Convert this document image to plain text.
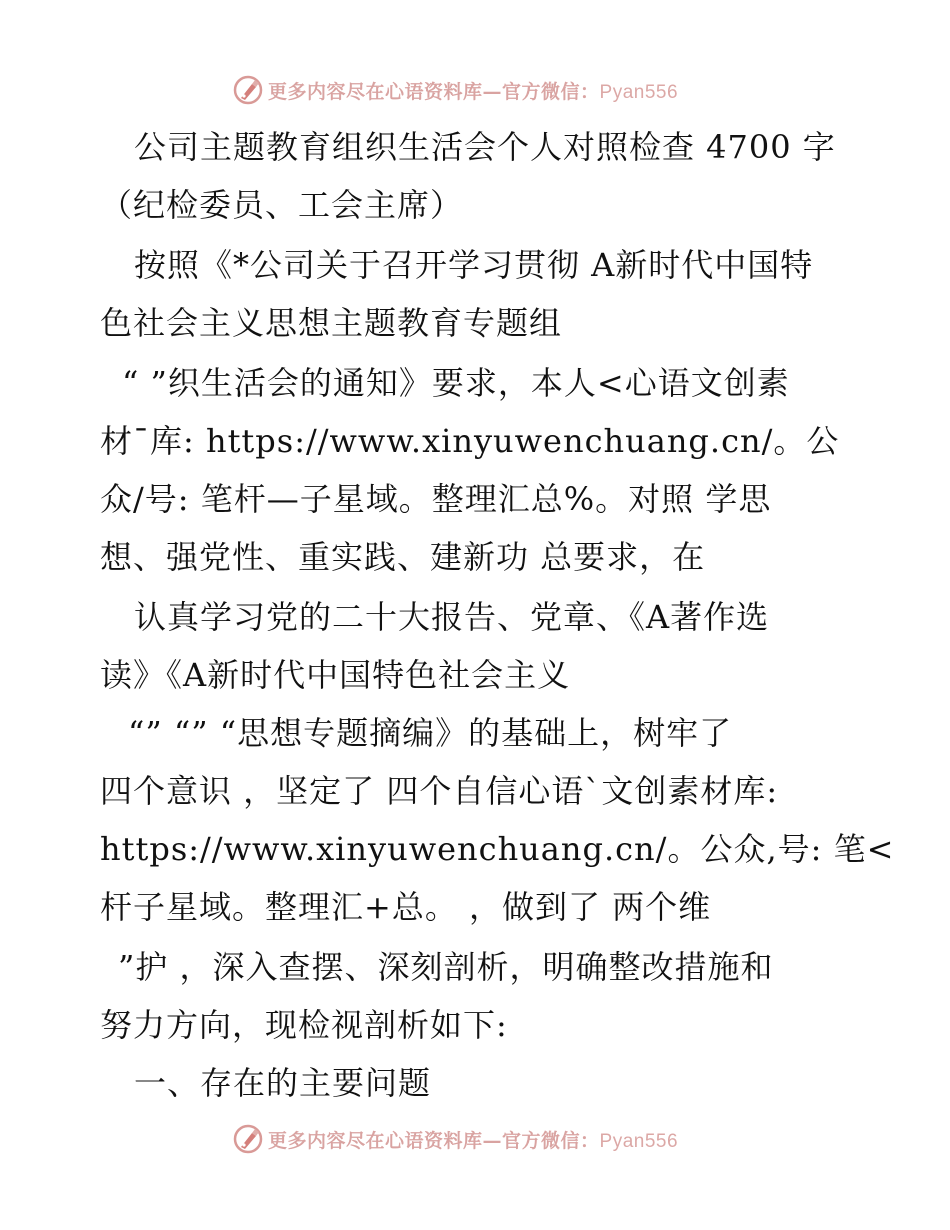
更多内容尽在心语资料库—官方微信：Pyan556
公司主题教育组织生活会个人对照检查 4700 字
（纪检委员、工会主席）
按照《*公司关于召开学习贯彻 A新时代中国特
色社会主义思想主题教育专题组
“ ”织生活会的通知》要求，本人<心语文创素
材¯库: https://www.xinyuwenchuang.cn/。公
众/号: 笔杆—子星域。整理汇总%。对照 学思
想、强党性、重实践、建新功 总要求，在
认真学习党的二十大报告、党章、《A著作选
读》《A新时代中国特色社会主义
“” “” “思想专题摘编》的基础上，树牢了
四个意识 ，坚定了 四个自信心语`文创素材库:
https://www.xinyuwenchuang.cn/。公众,号: 笔<
杆子星域。整理汇+总。 ，做到了 两个维
”护 ，深入查摆、深刻剖析，明确整改措施和
努力方向，现检视剖析如下:
一、存在的主要问题
更多内容尽在心语资料库—官方微信：Pyan556
